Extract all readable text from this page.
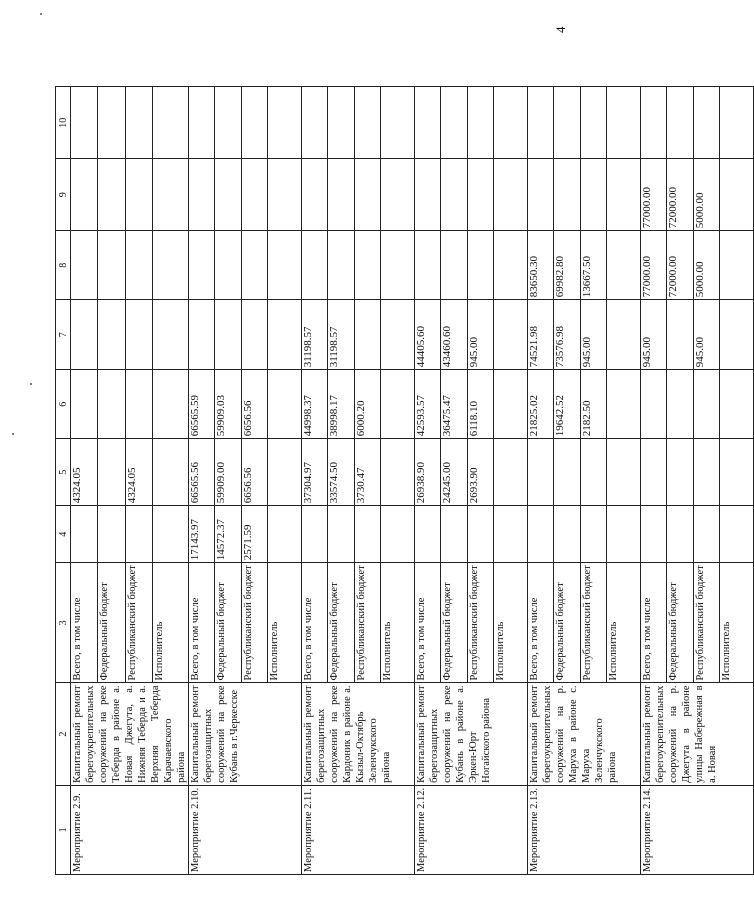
4
1	2	3	4	5	6	7	8	9	10
Мероприятие 2.9.	Капитальный ремонт берегоукрепительных сооружений на реке Теберда в районе а. Новая Джегута, а. Нижняя Теберда и а. Верхняя Теберда Карачаевского района	Всего, в том числе		4324.05					
		Федеральный бюджет							
		Республиканский бюджет		4324.05					
		Исполнитель							
Мероприятие 2.10.	Капитальный ремонт берегозащитных сооружений на реке Кубань в г.Черкесске	Всего, в том числе	17143.97	66565.56	66565.59				
		Федеральный бюджет	14572.37	59909.00	59909.03				
		Республиканский бюджет	2571.59	6656.56	6656.56				
		Исполнитель							
Мероприятие 2.11.	Капитальный ремонт берегозащитных сооружений на реке Кардоник в районе а. Кызыл-Октябрь Зеленчукского района	Всего, в том числе		37304.97	44998.37	31198.57			
		Федеральный бюджет		33574.50	38998.17	31198.57			
		Республиканский бюджет		3730.47	6000.20				
		Исполнитель							
Мероприятие 2.12.	Капитальный ремонт берегозащитных сооружений на реке Кубань в районе а. Эркен-Юрт Ногайского района	Всего, в том числе		26938.90	42593.57	44405.60			
		Федеральный бюджет		24245.00	36475.47	43460.60			
		Республиканский бюджет		2693.90	6118.10	945.00			
		Исполнитель							
Мероприятие 2.13.	Капитальный ремонт берегоукрепительных сооружений на р. Маруха в районе с. Маруха Зеленчукского района	Всего, в том числе			21825.02	74521.98	83650.30		
		Федеральный бюджет			19642.52	73576.98	69982.80		
		Республиканский бюджет			2182.50	945.00	13667.50		
		Исполнитель							
Мероприятие 2.14.	Капитальный ремонт берегоукрепительных сооружений на р. Джегута в районе улицы Набережная в а. Новая	Всего, в том числе				945.00	77000.00	77000.00	
		Федеральный бюджет					72000.00	72000.00	
		Республиканский бюджет				945.00	5000.00	5000.00	
		Исполнитель							
